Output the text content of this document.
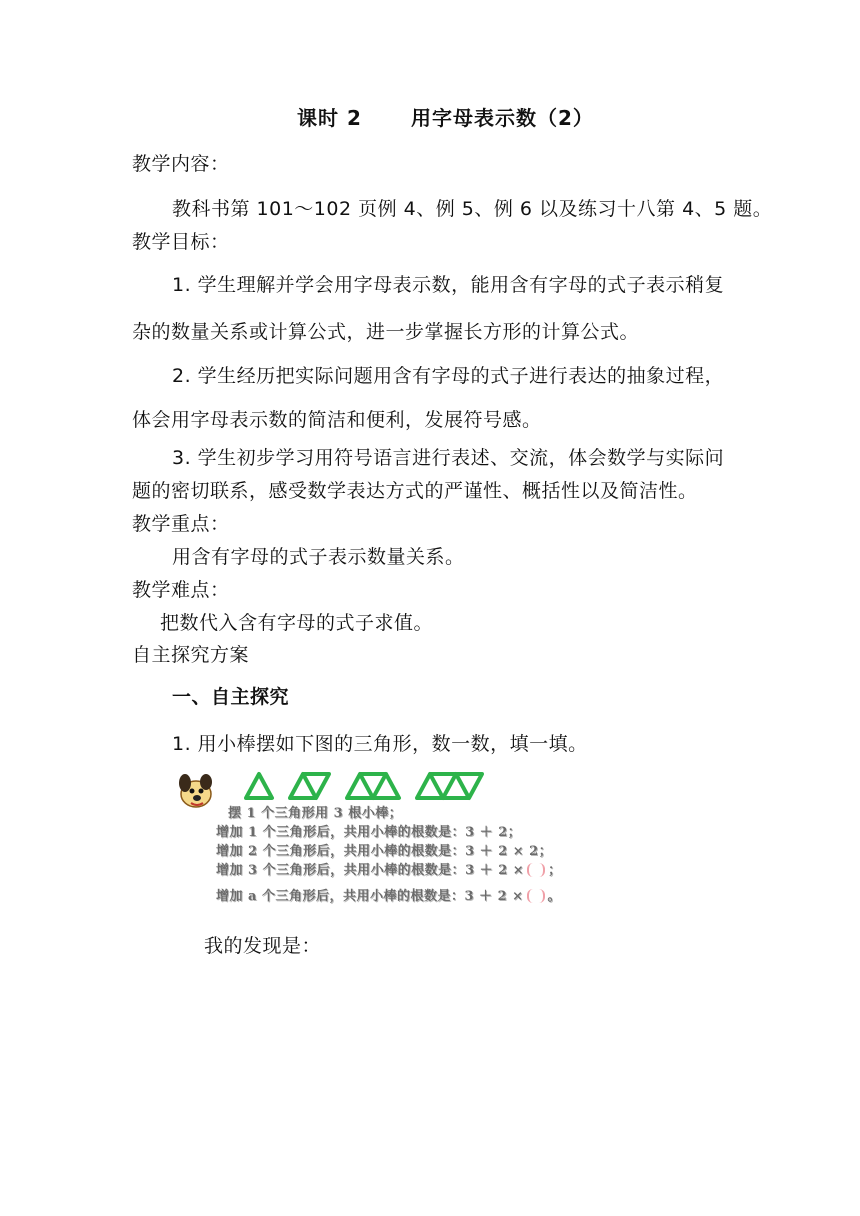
课时 2 用字母表示数（2）
教学内容：
教科书第 101～102 页例 4、例 5、例 6 以及练习十八第 4、5 题。
教学目标：
1. 学生理解并学会用字母表示数，能用含有字母的式子表示稍复
杂的数量关系或计算公式，进一步掌握长方形的计算公式。
2. 学生经历把实际问题用含有字母的式子进行表达的抽象过程，
体会用字母表示数的简洁和便利，发展符号感。
3. 学生初步学习用符号语言进行表述、交流，体会数学与实际问
题的密切联系，感受数学表达方式的严谨性、概括性以及简洁性。
教学重点：
用含有字母的式子表示数量关系。
教学难点：
把数代入含有字母的式子求值。
自主探究方案
一、自主探究
1. 用小棒摆如下图的三角形，数一数，填一填。
摆 1 个三角形用 3 根小棒；
增加 1 个三角形后，共用小棒的根数是：3 ＋ 2；
增加 2 个三角形后，共用小棒的根数是：3 ＋ 2 × 2；
增加 3 个三角形后，共用小棒的根数是：3 ＋ 2 × ；
增加 a 个三角形后，共用小棒的根数是：3 ＋ 2 × 。
我的发现是：
